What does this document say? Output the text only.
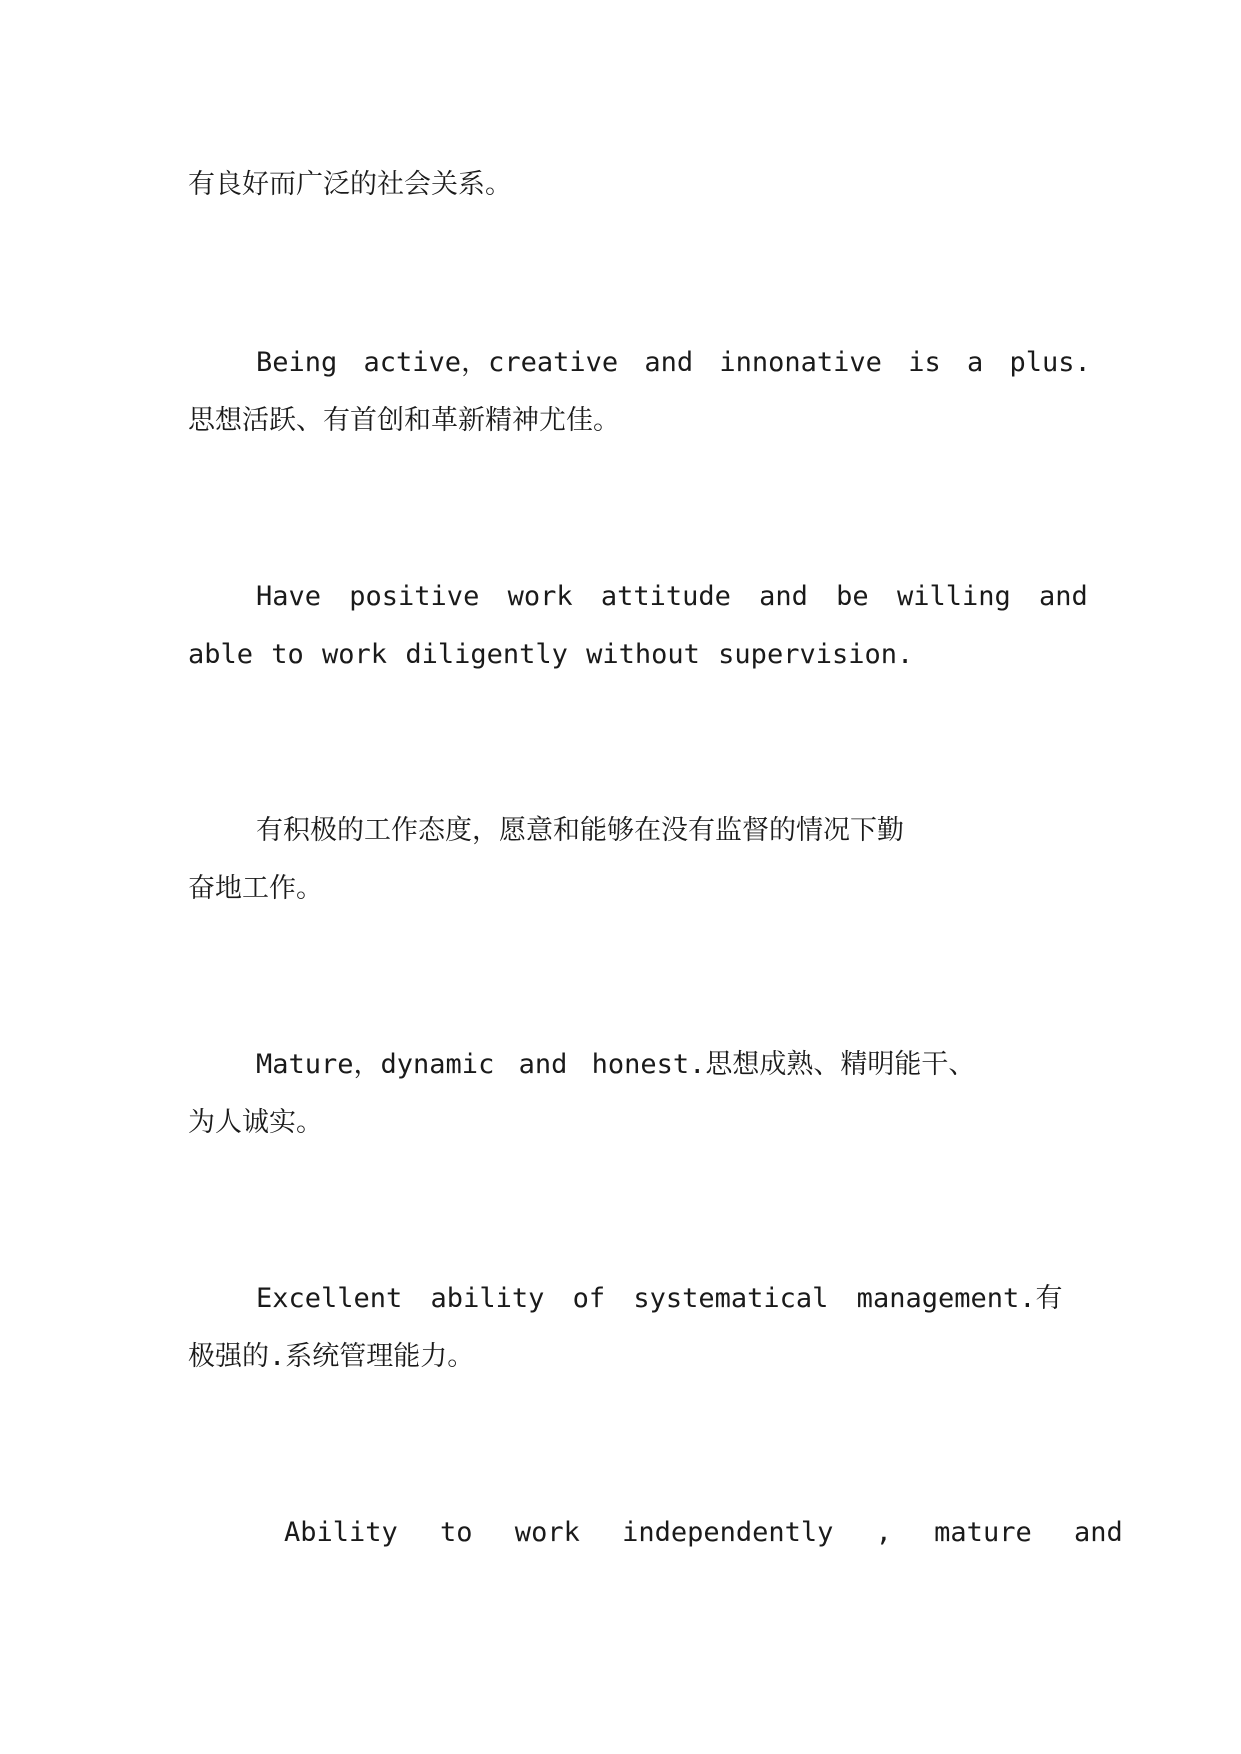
有良好而广泛的社会关系。
Being active，creative and innonative is a plus.
思想活跃、有首创和革新精神尤佳。
Have positive work attitude and be willing and
able to work diligently without supervision.
有积极的工作态度，愿意和能够在没有监督的情况下勤
奋地工作。
Mature，dynamic and honest.思想成熟、精明能干、
为人诚实。
Excellent ability of systematical management.有
极强的.系统管理能力。
Ability to work independently , mature and
